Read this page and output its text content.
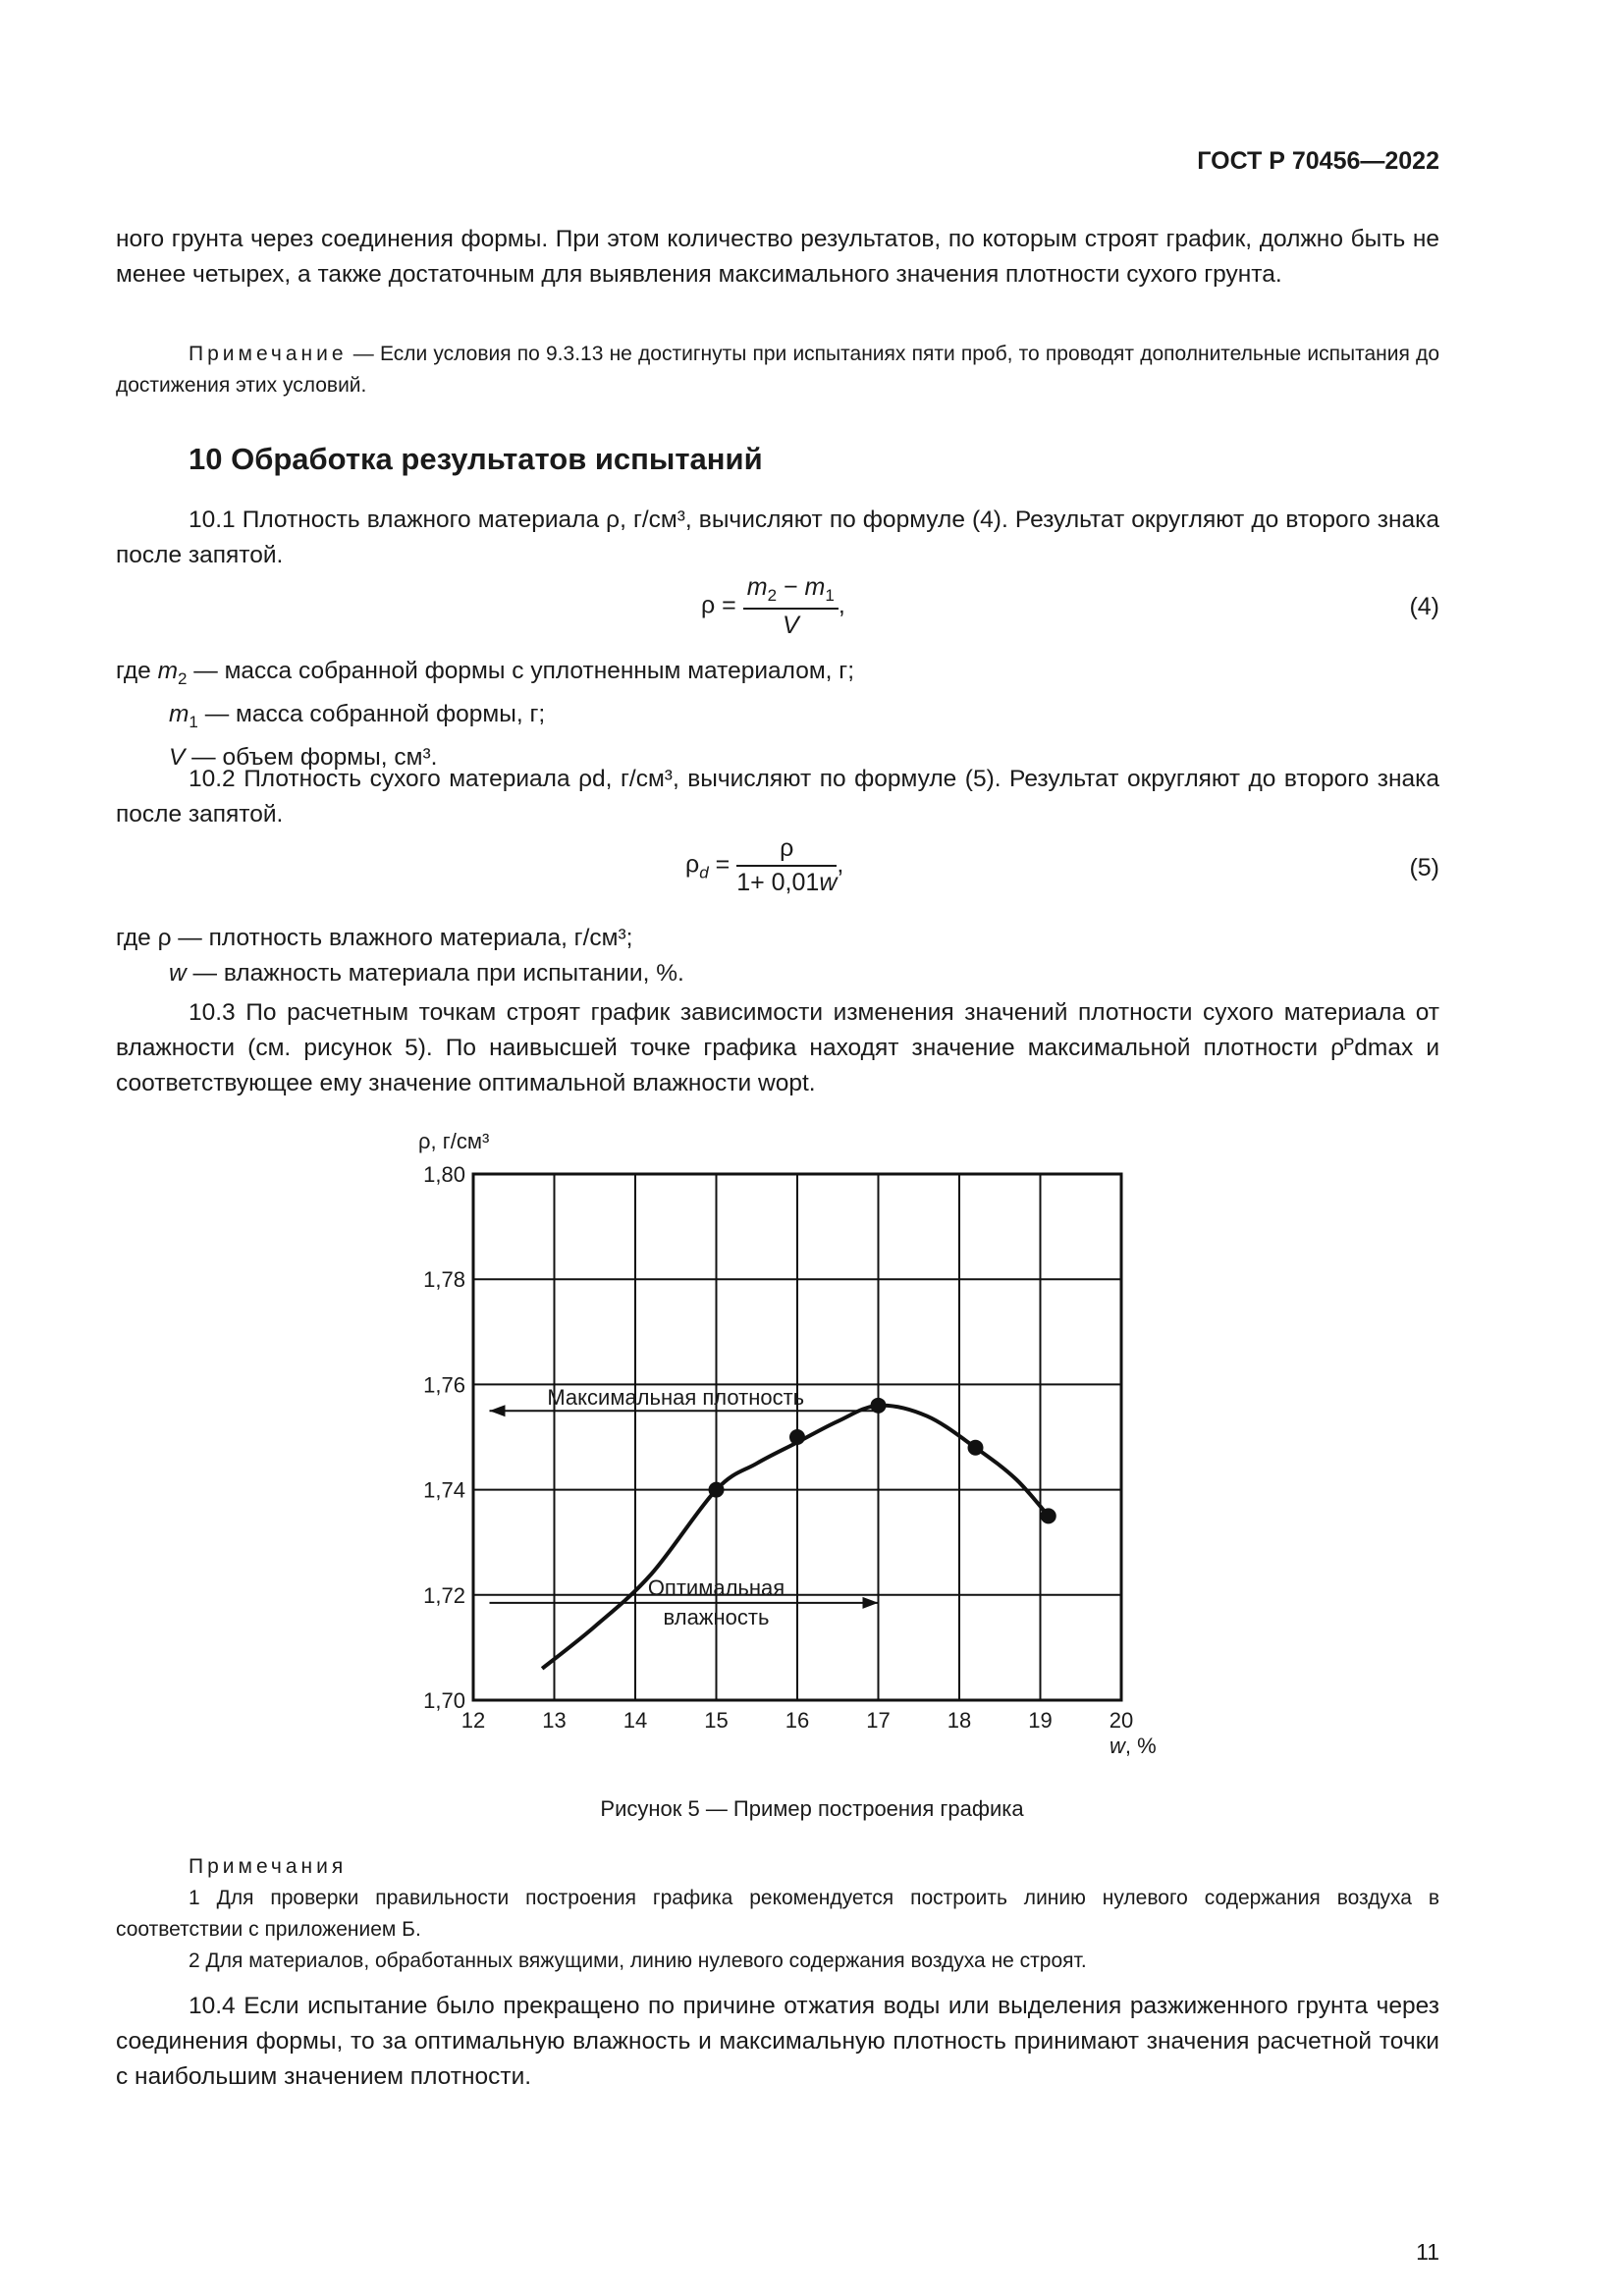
ГОСТ Р 70456—2022

ного грунта через соединения формы. При этом количество результатов, по которым строят график, должно быть не менее четырех, а также достаточным для выявления максимального значения плотности сухого грунта.

Примечание — Если условия по 9.3.13 не достигнуты при испытаниях пяти проб, то проводят дополнительные испытания до достижения этих условий.
10 Обработка результатов испытаний

10.1 Плотность влажного материала ρ, г/см³, вычисляют по формуле (4). Результат округляют до второго знака после запятой.

$\rho = \frac{m_2 - m_1}{V}$ ,	(4)
где $m_2$ — масса собранной формы с уплотненным материалом, г;
$m_1$ — масса собранной формы, г;
V — объем формы, см³.

10.2 Плотность сухого материала ρd, г/см³, вычисляют по формуле (5). Результат округляют до второго знака после запятой.

$\rho_d = \frac{\rho}{1+ 0,01w}$ ,	(5)
где ρ — плотность влажного материала, г/см³;
w — влажность материала при испытании, %.

10.3 По расчетным точкам строят график зависимости изменения значений плотности сухого материала от влажности (см. рисунок 5). По наивысшей точке графика находят значение максимальной плотности ρᴾdmax и соответствующее ему значение оптимальной влажности wopt.

12	13	14	15	16	17	18	19	20
1,70
1,72
1,74
1,76
1,78
1,80
Максимальная плотность
Оптимальная
влажность
ρ, г/см³
w, %
Рисунок 5 — Пример построения графика
Примечания
1 Для проверки правильности построения графика рекомендуется построить линию нулевого содержания воздуха в соответствии с приложением Б.
2 Для материалов, обработанных вяжущими, линию нулевого содержания воздуха не строят.

10.4 Если испытание было прекращено по причине отжатия воды или выделения разжиженного грунта через соединения формы, то за оптимальную влажность и максимальную плотность принимают значения расчетной точки с наибольшим значением плотности.

11
